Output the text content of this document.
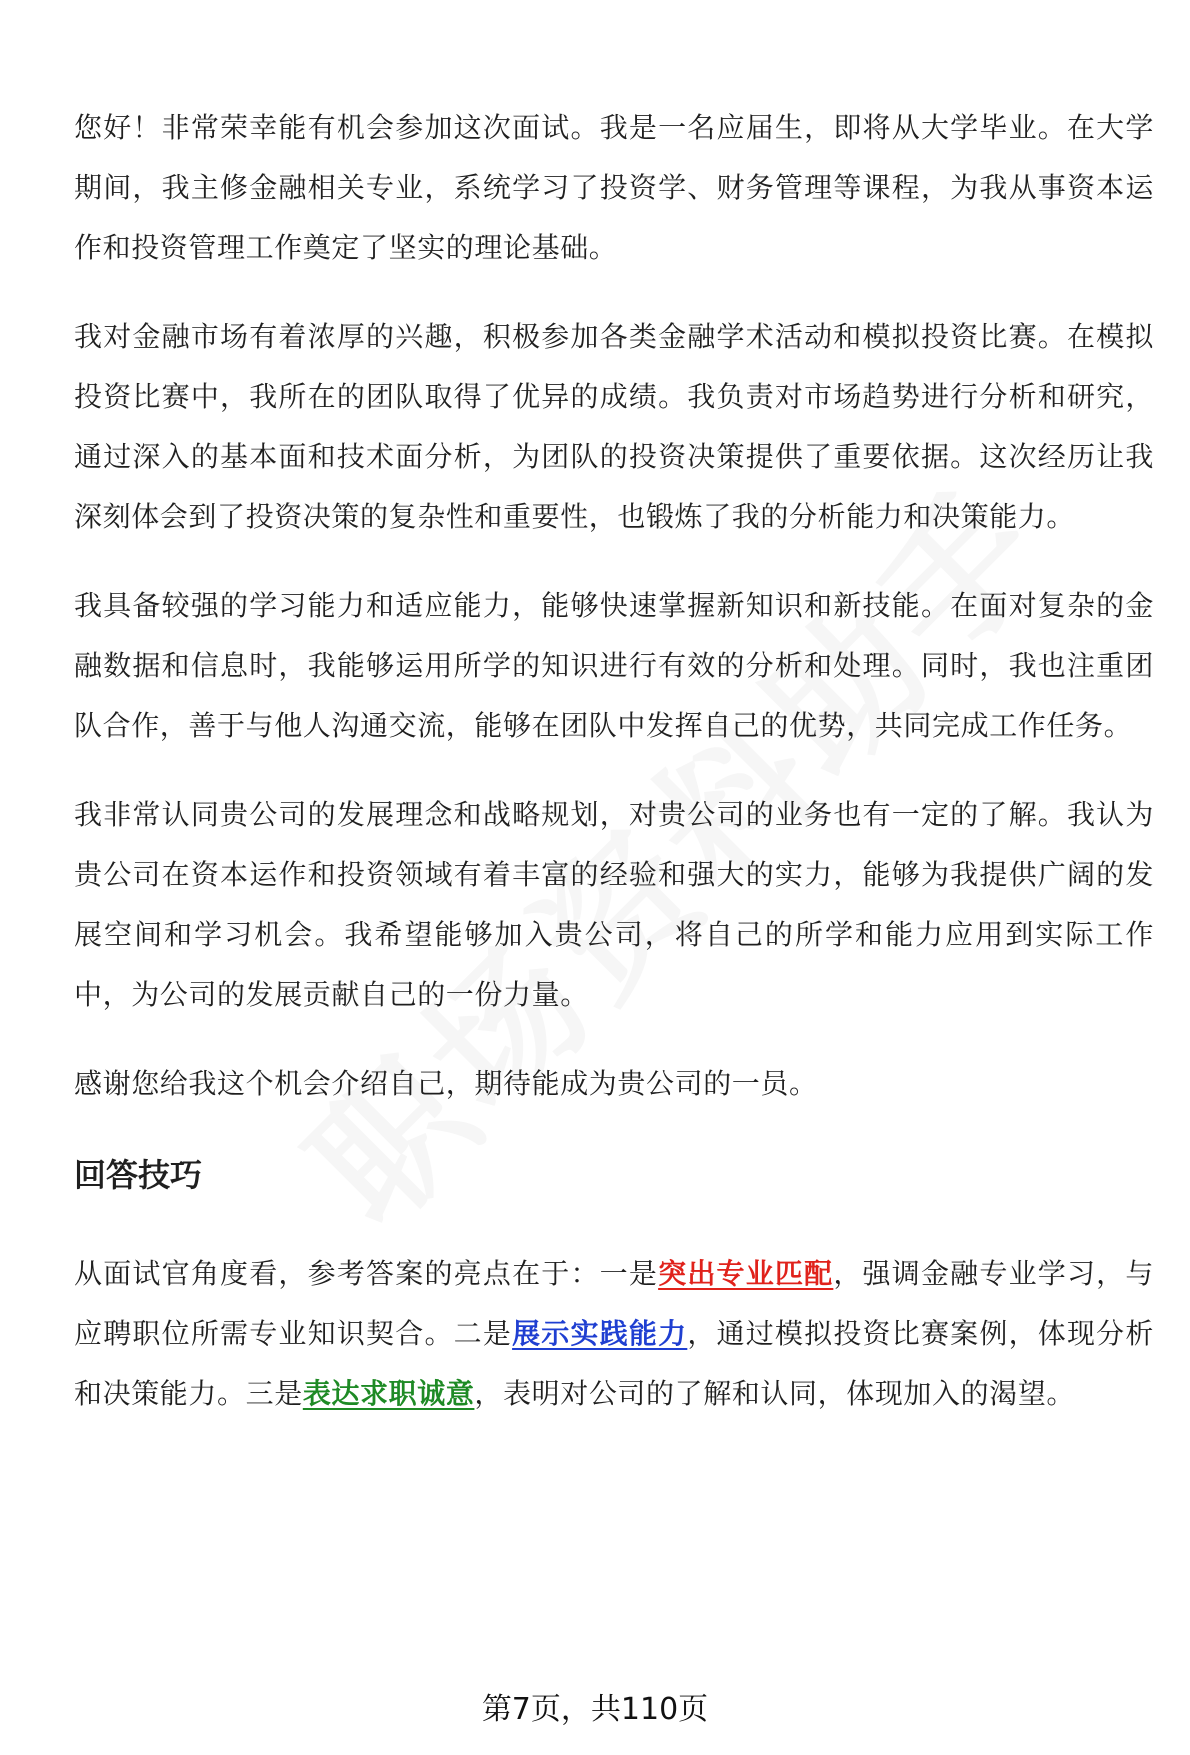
您好！非常荣幸能有机会参加这次面试。我是一名应届生，即将从大学毕业。在大学期间，我主修金融相关专业，系统学习了投资学、财务管理等课程，为我从事资本运作和投资管理工作奠定了坚实的理论基础。

我对金融市场有着浓厚的兴趣，积极参加各类金融学术活动和模拟投资比赛。在模拟投资比赛中，我所在的团队取得了优异的成绩。我负责对市场趋势进行分析和研究，通过深入的基本面和技术面分析，为团队的投资决策提供了重要依据。这次经历让我深刻体会到了投资决策的复杂性和重要性，也锻炼了我的分析能力和决策能力。

我具备较强的学习能力和适应能力，能够快速掌握新知识和新技能。在面对复杂的金融数据和信息时，我能够运用所学的知识进行有效的分析和处理。同时，我也注重团队合作，善于与他人沟通交流，能够在团队中发挥自己的优势，共同完成工作任务。

我非常认同贵公司的发展理念和战略规划，对贵公司的业务也有一定的了解。我认为贵公司在资本运作和投资领域有着丰富的经验和强大的实力，能够为我提供广阔的发展空间和学习机会。我希望能够加入贵公司，将自己的所学和能力应用到实际工作中，为公司的发展贡献自己的一份力量。

感谢您给我这个机会介绍自己，期待能成为贵公司的一员。

回答技巧

从面试官角度看，参考答案的亮点在于：一是突出专业匹配，强调金融专业学习，与应聘职位所需专业知识契合。二是展示实践能力，通过模拟投资比赛案例，体现分析和决策能力。三是表达求职诚意，表明对公司的了解和认同，体现加入的渴望。

第7页，共110页
